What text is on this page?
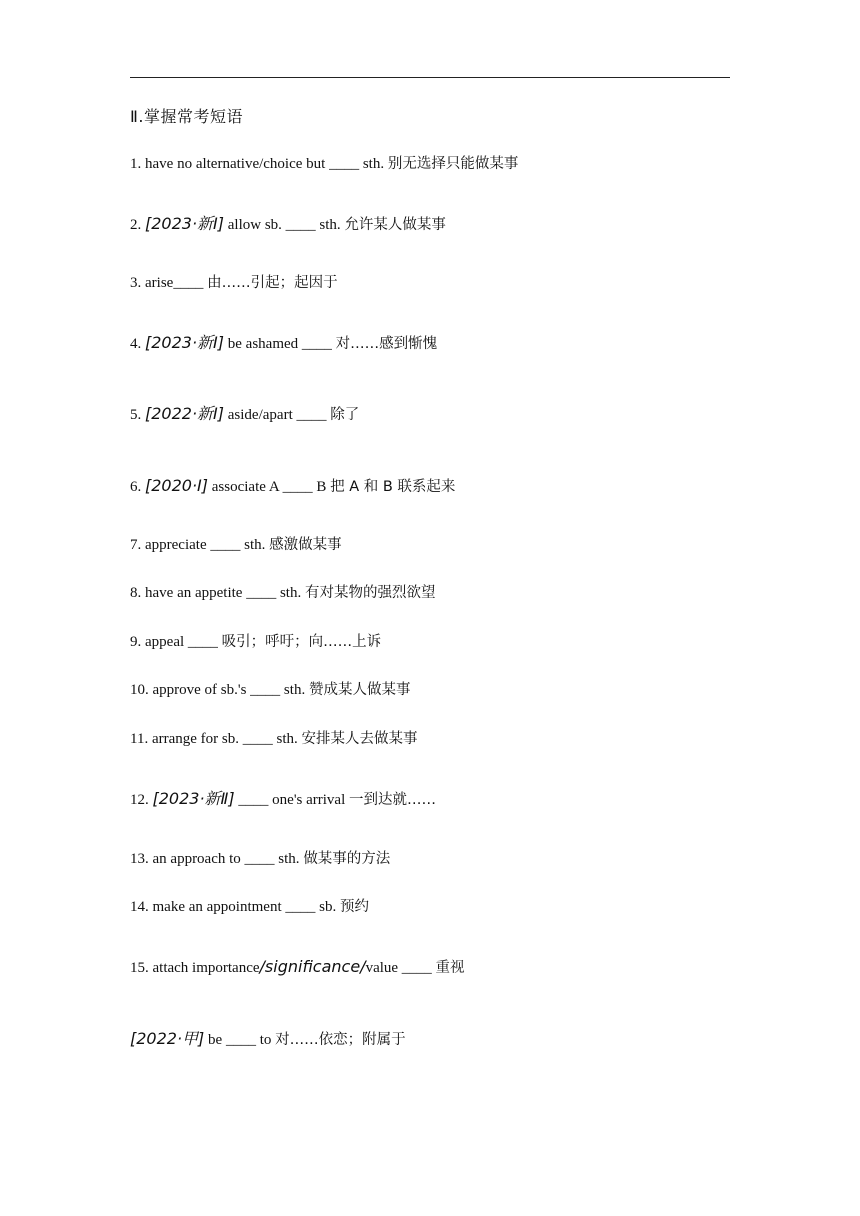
Ⅱ.掌握常考短语
1. have no alternative/choice but ____ sth. 别无选择只能做某事
2. [2023·新Ⅰ] allow sb. ____ sth. 允许某人做某事
3. arise____ 由……引起；起因于
4. [2023·新Ⅰ] be ashamed ____ 对……感到惭愧
5. [2022·新Ⅰ] aside/apart ____ 除了
6. [2020·Ⅰ] associate A ____ B 把 A 和 B 联系起来
7. appreciate ____ sth. 感激做某事
8. have an appetite ____ sth. 有对某物的强烈欲望
9. appeal ____ 吸引；呼吁；向……上诉
10. approve of sb.'s ____ sth. 赞成某人做某事
11. arrange for sb. ____ sth. 安排某人去做某事
12. [2023·新Ⅱ] ____ one's arrival 一到达就……
13. an approach to ____ sth. 做某事的方法
14. make an appointment ____ sb. 预约
15. attach importance/significance/value ____ 重视
[2022·甲] be ____ to 对……依恋；附属于
